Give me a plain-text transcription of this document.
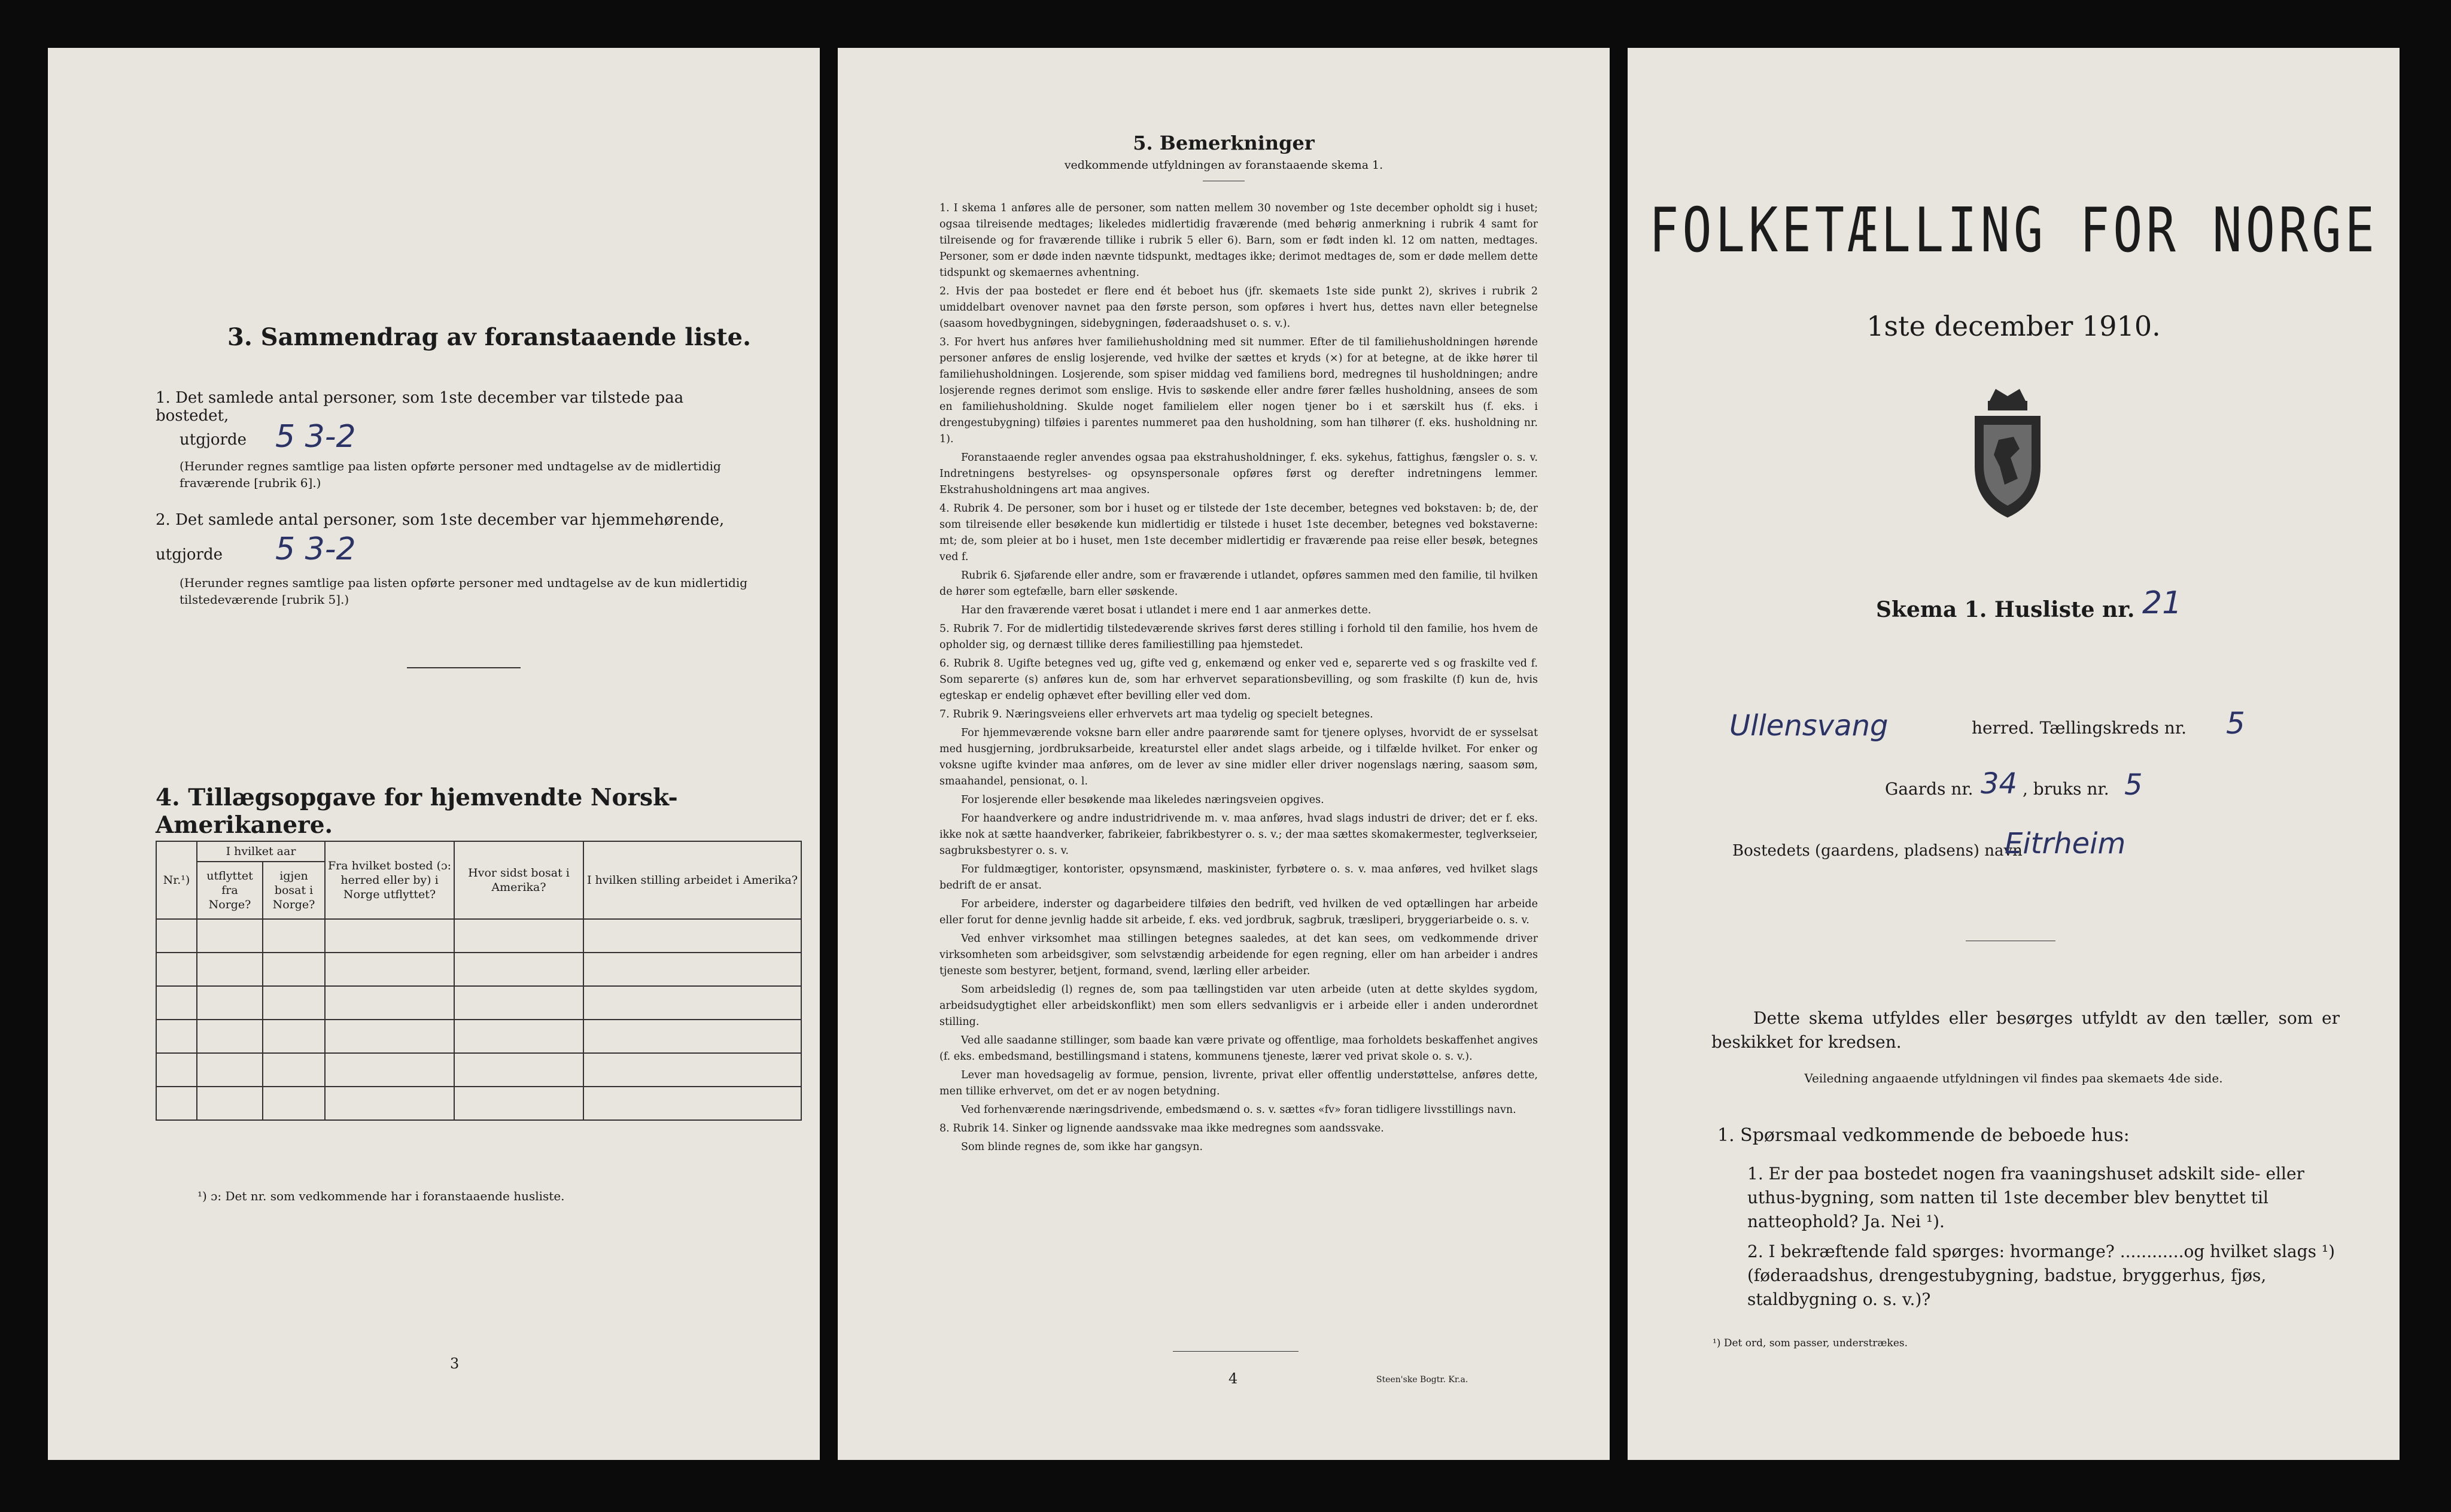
3. Sammendrag av foranstaaende liste.
1. Det samlede antal personer, som 1ste december var tilstede paa bostedet,
utgjorde 5 3-2
(Herunder regnes samtlige paa listen opførte personer med undtagelse av de midlertidig fraværende [rubrik 6].)
2. Det samlede antal personer, som 1ste december var hjemmehørende, utgjorde	5 3-2
(Herunder regnes samtlige paa listen opførte personer med undtagelse av de kun midlertidig tilstedeværende [rubrik 5].)
4. Tillægsopgave for hjemvendte Norsk-Amerikanere.
Nr.¹)	I hvilket aar		Fra hvilket bosted (ɔ: herred eller by) i Norge utflyttet?	Hvor sidst bosat i Amerika?	I hvilken stilling arbeidet i Amerika?
	utflyttet fra Norge?	igjen bosat i Norge?			

¹) ɔ: Det nr. som vedkommende har i foranstaaende husliste.
3
5. Bemerkninger
vedkommende utfyldningen av foranstaaende skema 1.

1. I skema 1 anføres alle de personer, som natten mellem 30 november og 1ste december opholdt sig i huset; ogsaa tilreisende medtages; likeledes midlertidig fraværende (med behørig anmerkning i rubrik 4 samt for tilreisende og for fraværende tillike i rubrik 5 eller 6). Barn, som er født inden kl. 12 om natten, medtages. Personer, som er døde inden nævnte tidspunkt, medtages ikke; derimot medtages de, som er døde mellem dette tidspunkt og skemaernes avhentning.

2. Hvis der paa bostedet er flere end ét beboet hus (jfr. skemaets 1ste side punkt 2), skrives i rubrik 2 umiddelbart ovenover navnet paa den første person, som opføres i hvert hus, dettes navn eller betegnelse (saasom hovedbygningen, sidebygningen, føderaadshuset o. s. v.).

3. For hvert hus anføres hver familiehusholdning med sit nummer. Efter de til familiehusholdningen hørende personer anføres de enslig losjerende, ved hvilke der sættes et kryds (×) for at betegne, at de ikke hører til familiehusholdningen. Losjerende, som spiser middag ved familiens bord, medregnes til husholdningen; andre losjerende regnes derimot som enslige. Hvis to søskende eller andre fører fælles husholdning, ansees de som en familiehusholdning. Skulde noget familielem eller nogen tjener bo i et særskilt hus (f. eks. i drengestubygning) tilføies i parentes nummeret paa den husholdning, som han tilhører (f. eks. husholdning nr. 1).

Foranstaaende regler anvendes ogsaa paa ekstrahusholdninger, f. eks. sykehus, fattighus, fængsler o. s. v. Indretningens bestyrelses- og opsynspersonale opføres først og derefter indretningens lemmer. Ekstrahusholdningens art maa angives.

4. Rubrik 4. De personer, som bor i huset og er tilstede der 1ste december, betegnes ved bokstaven: b; de, der som tilreisende eller besøkende kun midlertidig er tilstede i huset 1ste december, betegnes ved bokstaverne: mt; de, som pleier at bo i huset, men 1ste december midlertidig er fraværende paa reise eller besøk, betegnes ved f.

Rubrik 6. Sjøfarende eller andre, som er fraværende i utlandet, opføres sammen med den familie, til hvilken de hører som egtefælle, barn eller søskende.

Har den fraværende været bosat i utlandet i mere end 1 aar anmerkes dette.

5. Rubrik 7. For de midlertidig tilstedeværende skrives først deres stilling i forhold til den familie, hos hvem de opholder sig, og dernæst tillike deres familiestilling paa hjemstedet.

6. Rubrik 8. Ugifte betegnes ved ug, gifte ved g, enkemænd og enker ved e, separerte ved s og fraskilte ved f. Som separerte (s) anføres kun de, som har erhvervet separationsbevilling, og som fraskilte (f) kun de, hvis egteskap er endelig ophævet efter bevilling eller ved dom.

7. Rubrik 9. Næringsveiens eller erhvervets art maa tydelig og specielt betegnes.

For hjemmeværende voksne barn eller andre paarørende samt for tjenere oplyses, hvorvidt de er sysselsat med husgjerning, jordbruksarbeide, kreaturstel eller andet slags arbeide, og i tilfælde hvilket. For enker og voksne ugifte kvinder maa anføres, om de lever av sine midler eller driver nogenslags næring, saasom søm, smaahandel, pensionat, o. l.

For losjerende eller besøkende maa likeledes næringsveien opgives.

For haandverkere og andre industridrivende m. v. maa anføres, hvad slags industri de driver; det er f. eks. ikke nok at sætte haandverker, fabrikeier, fabrikbestyrer o. s. v.; der maa sættes skomakermester, teglverkseier, sagbruksbestyrer o. s. v.

For fuldmægtiger, kontorister, opsynsmænd, maskinister, fyrbøtere o. s. v. maa anføres, ved hvilket slags bedrift de er ansat.

For arbeidere, inderster og dagarbeidere tilføies den bedrift, ved hvilken de ved optællingen har arbeide eller forut for denne jevnlig hadde sit arbeide, f. eks. ved jordbruk, sagbruk, træsliperi, bryggeriarbeide o. s. v.

Ved enhver virksomhet maa stillingen betegnes saaledes, at det kan sees, om vedkommende driver virksomheten som arbeidsgiver, som selvstændig arbeidende for egen regning, eller om han arbeider i andres tjeneste som bestyrer, betjent, formand, svend, lærling eller arbeider.

Som arbeidsledig (l) regnes de, som paa tællingstiden var uten arbeide (uten at dette skyldes sygdom, arbeidsudygtighet eller arbeidskonflikt) men som ellers sedvanligvis er i arbeide eller i anden underordnet stilling.

Ved alle saadanne stillinger, som baade kan være private og offentlige, maa forholdets beskaffenhet angives (f. eks. embedsmand, bestillingsmand i statens, kommunens tjeneste, lærer ved privat skole o. s. v.).

Lever man hovedsagelig av formue, pension, livrente, privat eller offentlig understøttelse, anføres dette, men tillike erhvervet, om det er av nogen betydning.

Ved forhenværende næringsdrivende, embedsmænd o. s. v. sættes «fv» foran tidligere livsstillings navn.

8. Rubrik 14. Sinker og lignende aandssvake maa ikke medregnes som aandssvake.

Som blinde regnes de, som ikke har gangsyn.

4	Steen'ske Bogtr. Kr.a.
FOLKETÆLLING FOR NORGE
1ste december 1910.
Skema 1. Husliste nr. 21
Ullensvang	herred. Tællingskreds nr. 5
Gaards nr. 34 , bruks nr. 5
Bostedets (gaardens, pladsens) navn
Eitrheim
Dette skema utfyldes eller besørges utfyldt av den tæller, som er beskikket for kredsen.
Veiledning angaaende utfyldningen vil findes paa skemaets 4de side.
1. Spørsmaal vedkommende de beboede hus:
1. Er der paa bostedet nogen fra vaaningshuset adskilt side- eller uthus-bygning, som natten til 1ste december blev benyttet til natteophold? Ja. Nei ¹).
2. I bekræftende fald spørges: hvormange? ............og hvilket slags ¹) (føderaadshus, drengestubygning, badstue, bryggerhus, fjøs, staldbygning o. s. v.)?
¹) Det ord, som passer, understrækes.
